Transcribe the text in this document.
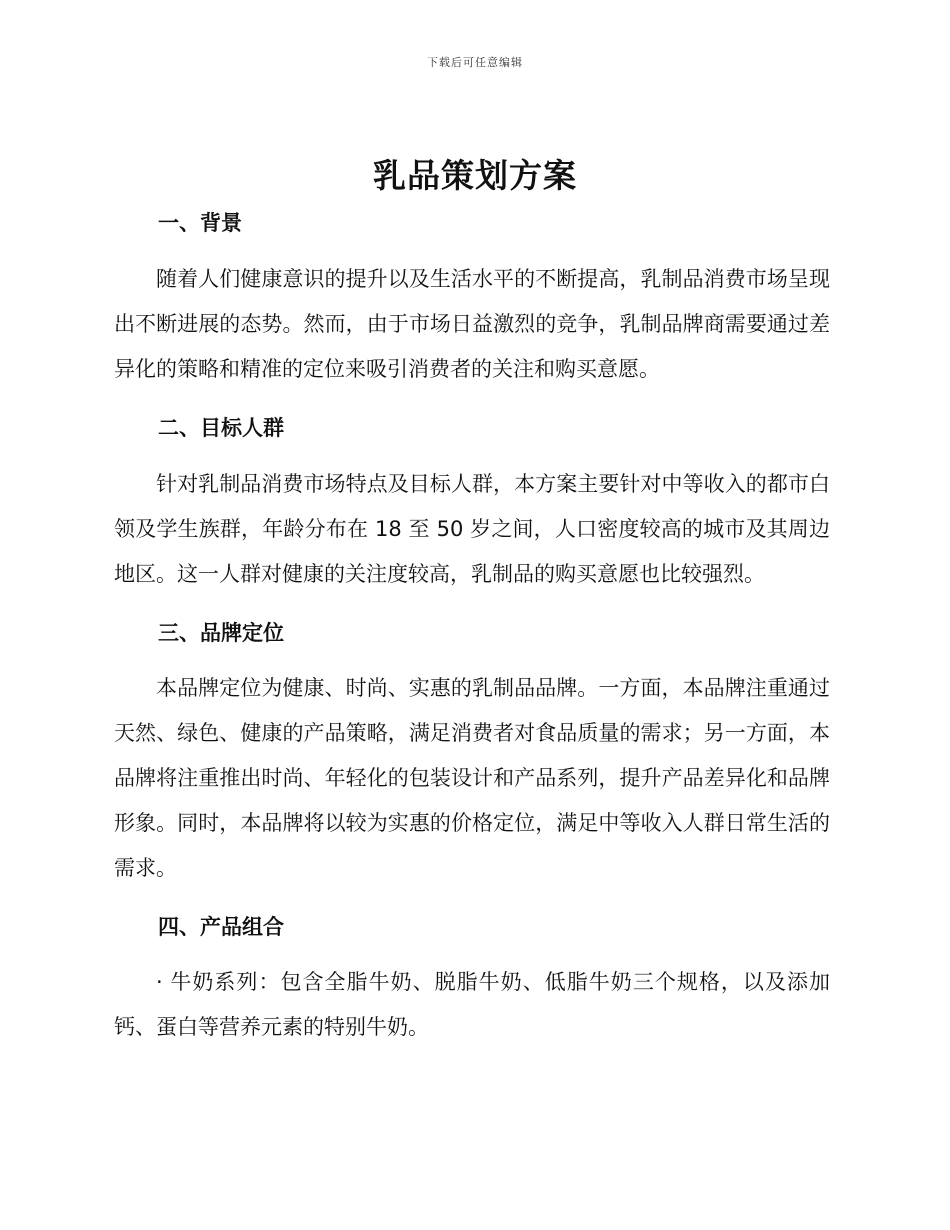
下载后可任意编辑
乳品策划方案
一、背景

随着人们健康意识的提升以及生活水平的不断提高，乳制品消费市场呈现出不断进展的态势。然而，由于市场日益激烈的竞争，乳制品牌商需要通过差异化的策略和精准的定位来吸引消费者的关注和购买意愿。

二、目标人群

针对乳制品消费市场特点及目标人群，本方案主要针对中等收入的都市白领及学生族群，年龄分布在 18 至 50 岁之间，人口密度较高的城市及其周边地区。这一人群对健康的关注度较高，乳制品的购买意愿也比较强烈。

三、品牌定位

本品牌定位为健康、时尚、实惠的乳制品品牌。一方面，本品牌注重通过天然、绿色、健康的产品策略，满足消费者对食品质量的需求；另一方面，本品牌将注重推出时尚、年轻化的包装设计和产品系列，提升产品差异化和品牌形象。同时，本品牌将以较为实惠的价格定位，满足中等收入人群日常生活的需求。

四、产品组合

· 牛奶系列：包含全脂牛奶、脱脂牛奶、低脂牛奶三个规格，以及添加钙、蛋白等营养元素的特别牛奶。
